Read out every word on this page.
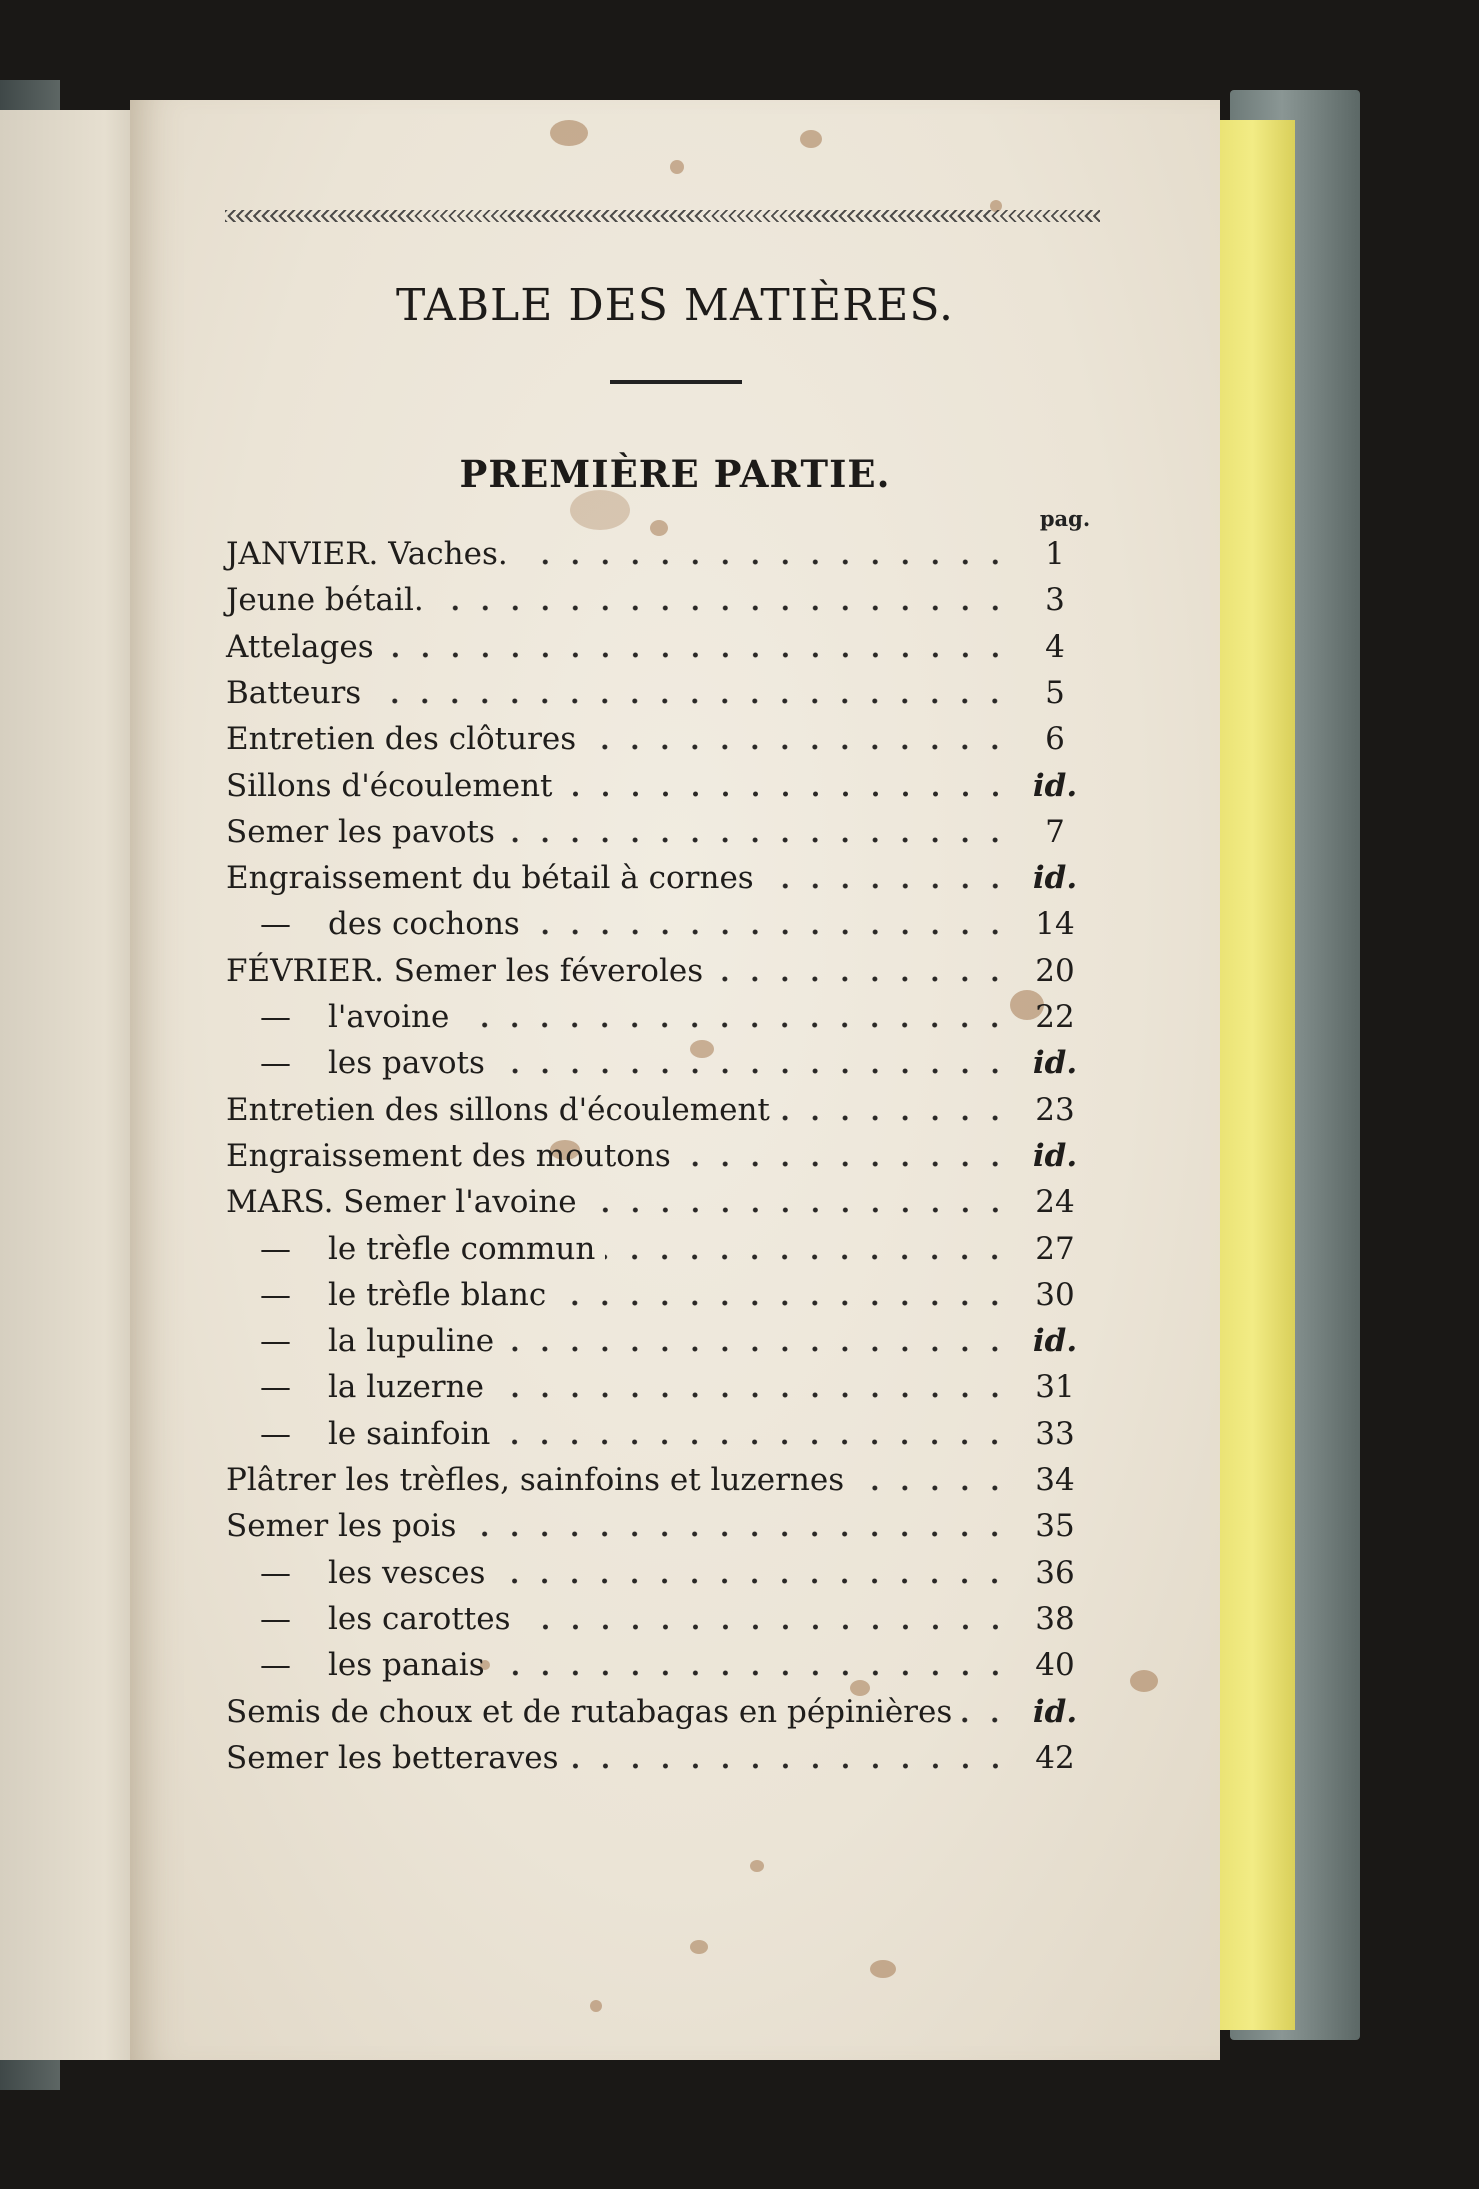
TABLE DES MATIÈRES.
PREMIÈRE PARTIE.
pag.
JANVIER. Vaches.	1
Jeune bétail.	3
Attelages	4
Batteurs	5
Entretien des clôtures	6
Sillons d'écoulement	id.
Semer les pavots	7
Engraissement du bétail à cornes	id.
— des cochons	14
FÉVRIER. Semer les féveroles	20
— l'avoine	22
— les pavots	id.
Entretien des sillons d'écoulement	23
Engraissement des moutons	id.
MARS. Semer l'avoine	24
— le trèfle commun	27
— le trèfle blanc	30
— la lupuline	id.
— la luzerne	31
— le sainfoin	33
Plâtrer les trèfles, sainfoins et luzernes	34
Semer les pois	35
— les vesces	36
— les carottes	38
— les panais	40
Semis de choux et de rutabagas en pépinières	id.
Semer les betteraves	42
